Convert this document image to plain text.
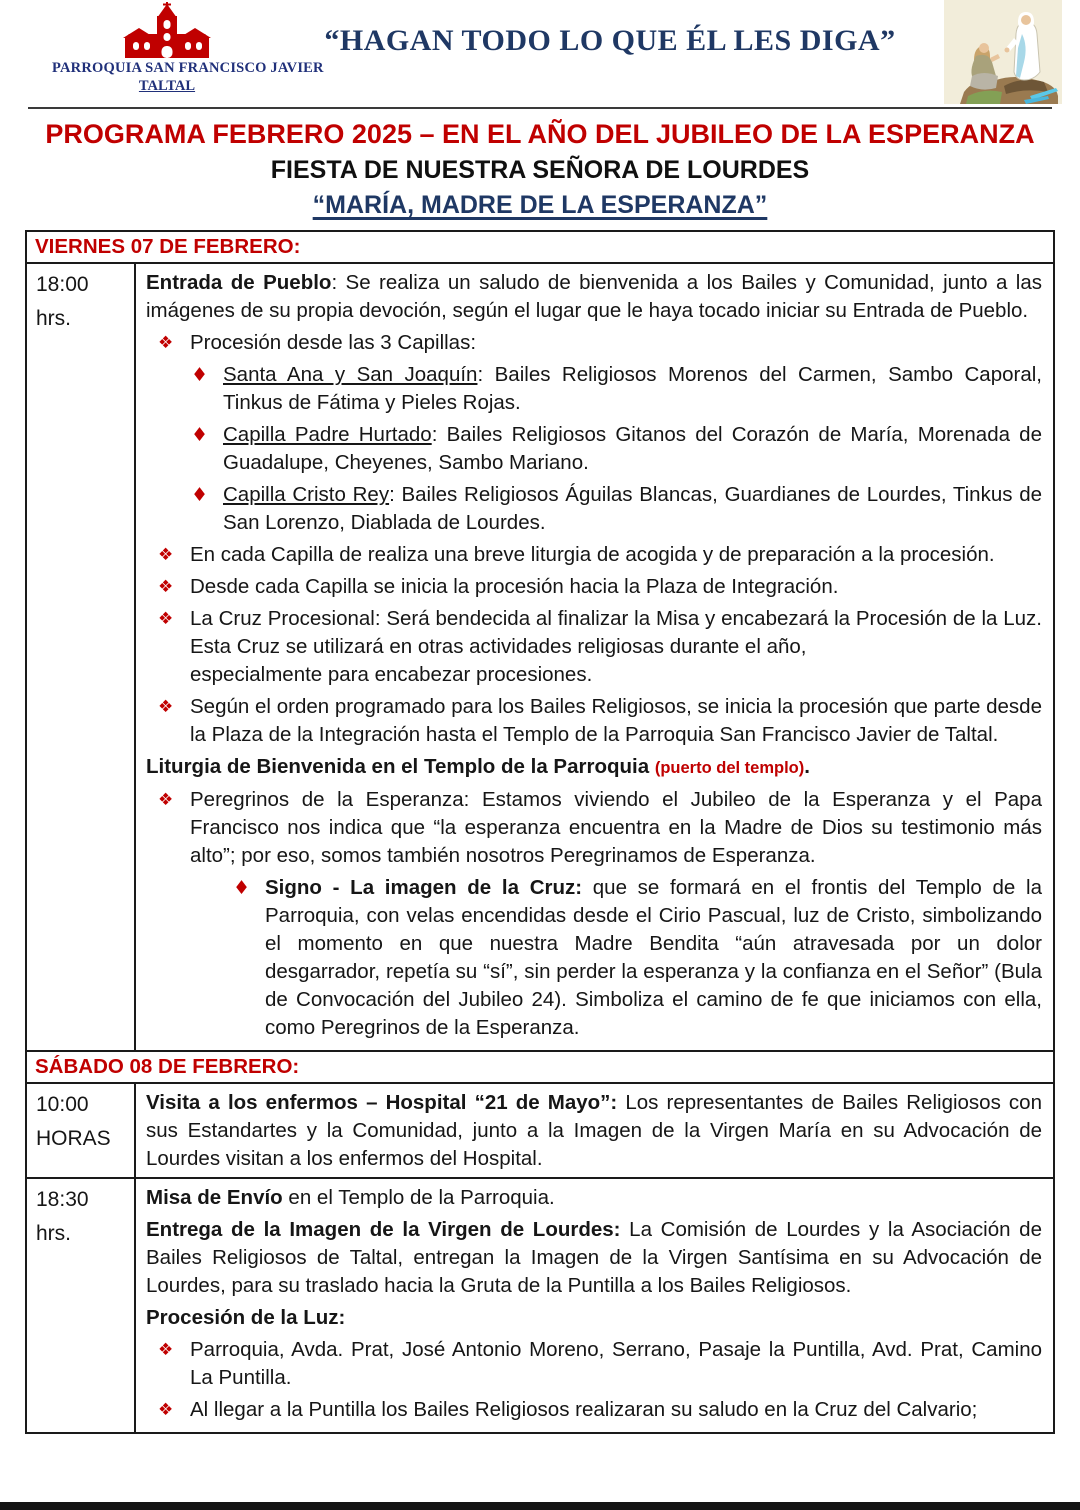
PARROQUIA SAN FRANCISCO JAVIER
TALTAL
“HAGAN TODO LO QUE ÉL LES DIGA”
PROGRAMA FEBRERO 2025 – EN EL AÑO DEL JUBILEO DE LA ESPERANZA
FIESTA DE NUESTRA SEÑORA DE LOURDES
“MARÍA, MADRE DE LA ESPERANZA”
VIERNES 07 DE FEBRERO:
18:00
hrs.

Entrada de Pueblo: Se realiza un saludo de bienvenida a los Bailes y Comunidad, junto a las imágenes de su propia devoción, según el lugar que le haya tocado iniciar su Entrada de Pueblo.

❖ Procesión desde las 3 Capillas:
♦ Santa Ana y San Joaquín: Bailes Religiosos Morenos del Carmen, Sambo Caporal, Tinkus de Fátima y Pieles Rojas.
♦ Capilla Padre Hurtado: Bailes Religiosos Gitanos del Corazón de María, Morenada de Guadalupe, Cheyenes, Sambo Mariano.
♦ Capilla Cristo Rey: Bailes Religiosos Águilas Blancas, Guardianes de Lourdes, Tinkus de San Lorenzo, Diablada de Lourdes.
❖ En cada Capilla de realiza una breve liturgia de acogida y de preparación a la procesión.
❖ Desde cada Capilla se inicia la procesión hacia la Plaza de Integración.
❖ La Cruz Procesional: Será bendecida al finalizar la Misa y encabezará la Procesión de la Luz. Esta Cruz se utilizará en otras actividades religiosas durante el año,
especialmente para encabezar procesiones.
❖ Según el orden programado para los Bailes Religiosos, se inicia la procesión que parte desde la Plaza de la Integración hasta el Templo de la Parroquia San Francisco Javier de Taltal.

Liturgia de Bienvenida en el Templo de la Parroquia (puerto del templo).

❖ Peregrinos de la Esperanza: Estamos viviendo el Jubileo de la Esperanza y el Papa Francisco nos indica que “la esperanza encuentra en la Madre de Dios su testimonio más alto”; por eso, somos también nosotros Peregrinamos de Esperanza.
♦ Signo - La imagen de la Cruz: que se formará en el frontis del Templo de la Parroquia, con velas encendidas desde el Cirio Pascual, luz de Cristo, simbolizando el momento en que nuestra Madre Bendita “aún atravesada por un dolor desgarrador, repetía su “sí”, sin perder la esperanza y la confianza en el Señor” (Bula de Convocación del Jubileo 24). Simboliza el camino de fe que iniciamos con ella, como Peregrinos de la Esperanza.
SÁBADO 08 DE FEBRERO:
10:00
HORAS

Visita a los enfermos – Hospital “21 de Mayo”: Los representantes de Bailes Religiosos con sus Estandartes y la Comunidad, junto a la Imagen de la Virgen María en su Advocación de Lourdes visitan a los enfermos del Hospital.

18:30
hrs.

Misa de Envío en el Templo de la Parroquia.

Entrega de la Imagen de la Virgen de Lourdes: La Comisión de Lourdes y la Asociación de Bailes Religiosos de Taltal, entregan la Imagen de la Virgen Santísima en su Advocación de Lourdes, para su traslado hacia la Gruta de la Puntilla a los Bailes Religiosos.

Procesión de la Luz:

❖ Parroquia, Avda. Prat, José Antonio Moreno, Serrano, Pasaje la Puntilla, Avd. Prat, Camino La Puntilla.
❖ Al llegar a la Puntilla los Bailes Religiosos realizaran su saludo en la Cruz del Calvario;
